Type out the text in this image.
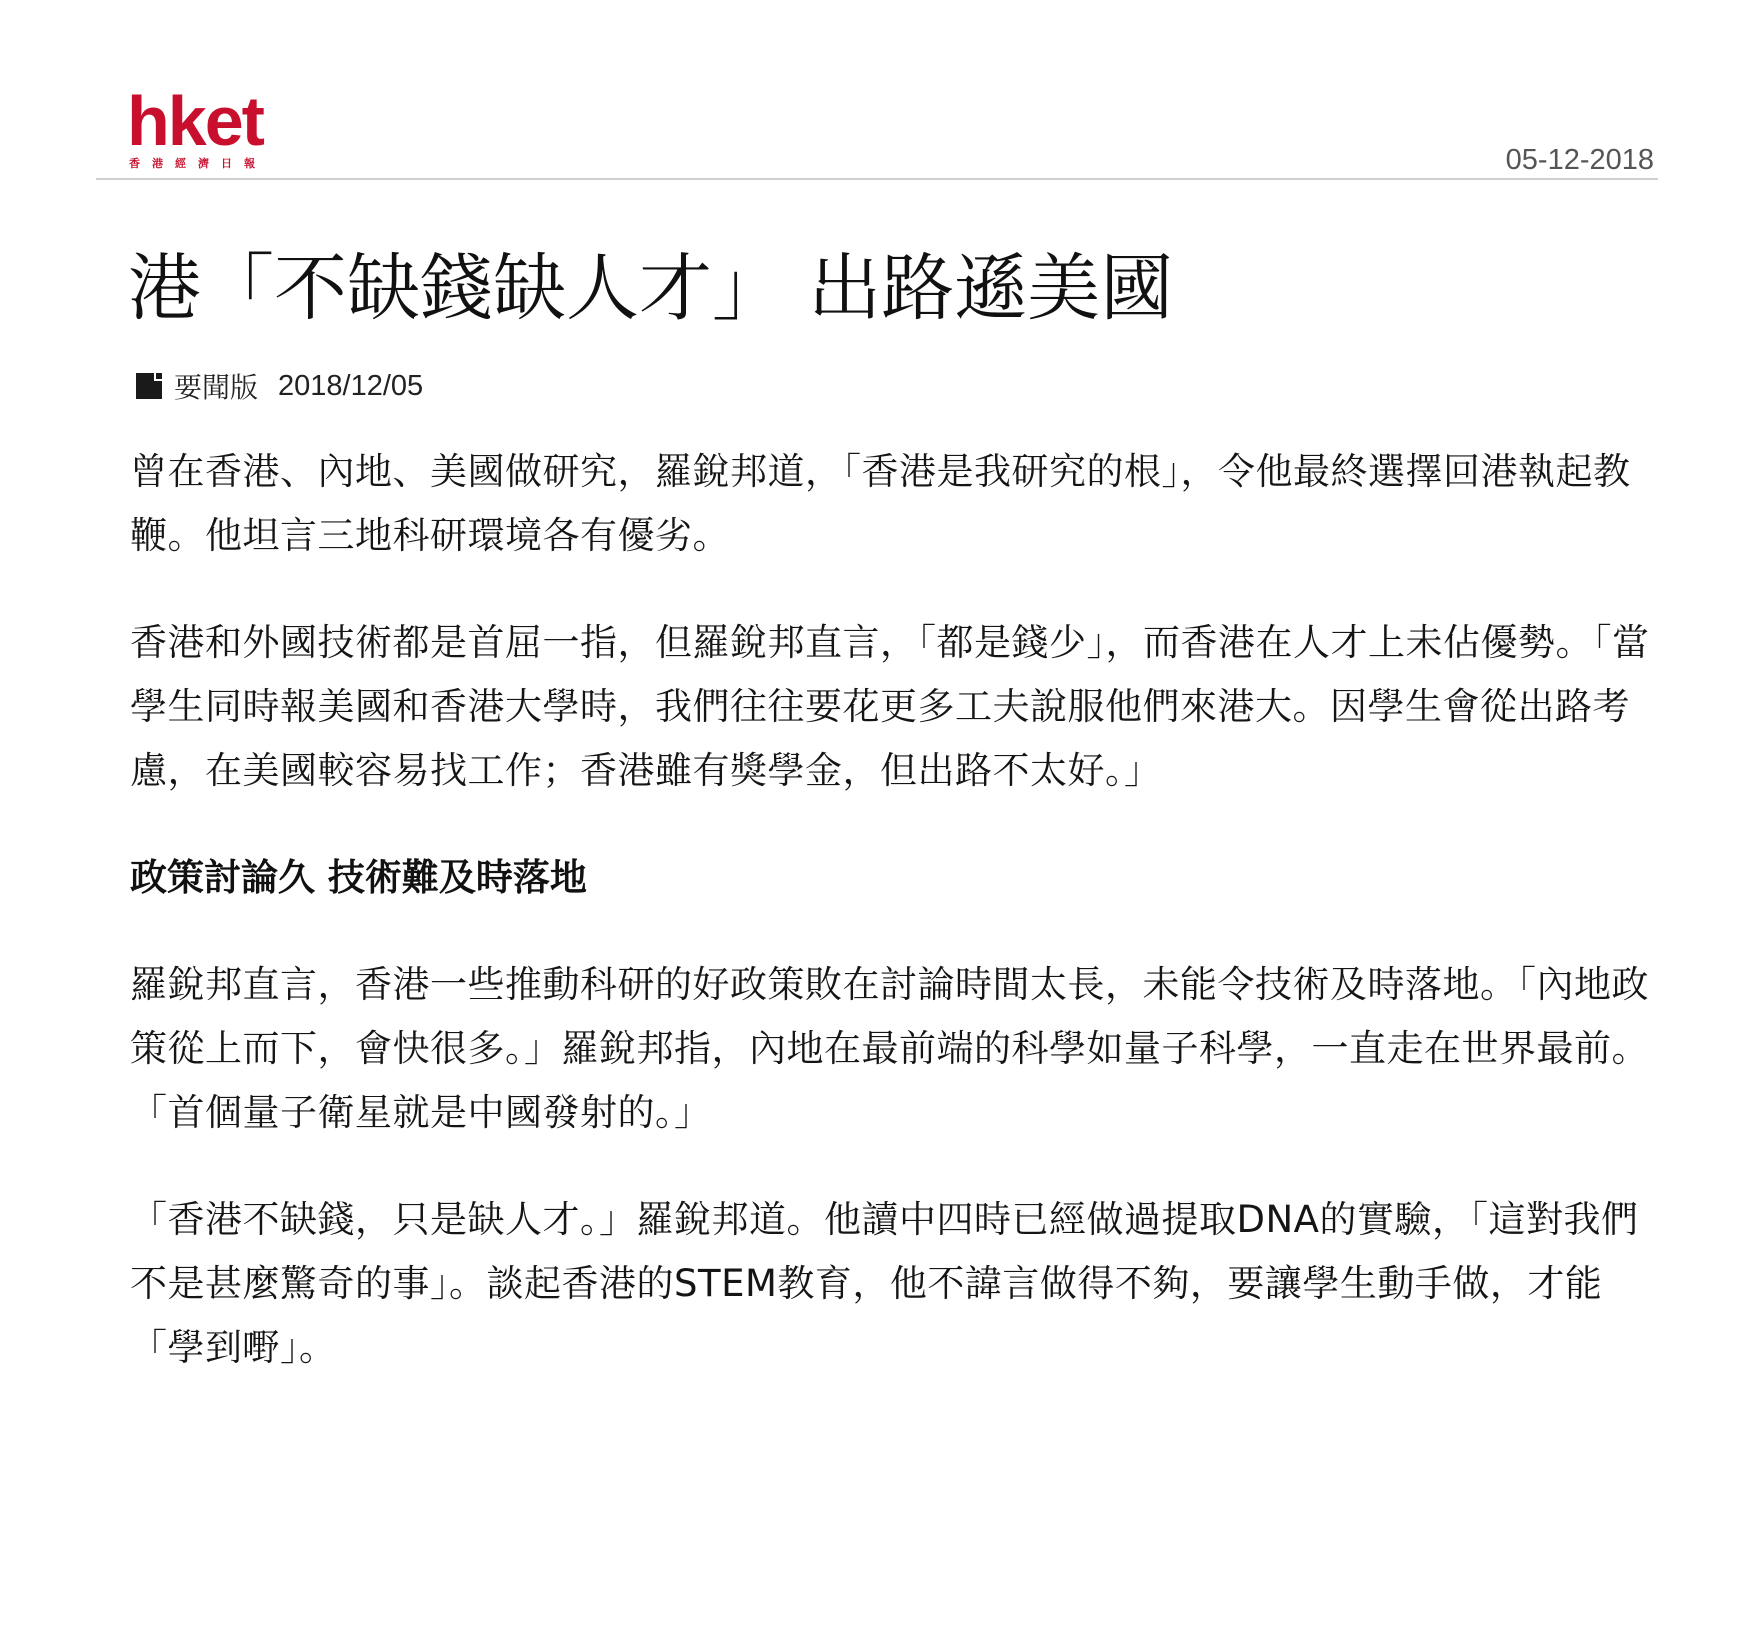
hket
香港經濟日報	05-12-2018
港「不缺錢缺人才」 出路遜美國
要聞版 2018/12/05

曾在香港、內地、美國做研究，羅銳邦道，「香港是我研究的根」，令他最終選擇回港執起教鞭。他坦言三地科研環境各有優劣。

香港和外國技術都是首屈一指，但羅銳邦直言，「都是錢少」，而香港在人才上未佔優勢。「當學生同時報美國和香港大學時，我們往往要花更多工夫說服他們來港大。因學生會從出路考慮，在美國較容易找工作；香港雖有獎學金，但出路不太好。」

政策討論久 技術難及時落地

羅銳邦直言，香港一些推動科研的好政策敗在討論時間太長，未能令技術及時落地。「內地政策從上而下，會快很多。」羅銳邦指，內地在最前端的科學如量子科學，一直走在世界最前。「首個量子衛星就是中國發射的。」

「香港不缺錢，只是缺人才。」羅銳邦道。他讀中四時已經做過提取DNA的實驗，「這對我們不是甚麼驚奇的事」。談起香港的STEM教育，他不諱言做得不夠，要讓學生動手做，才能「學到嘢」。
